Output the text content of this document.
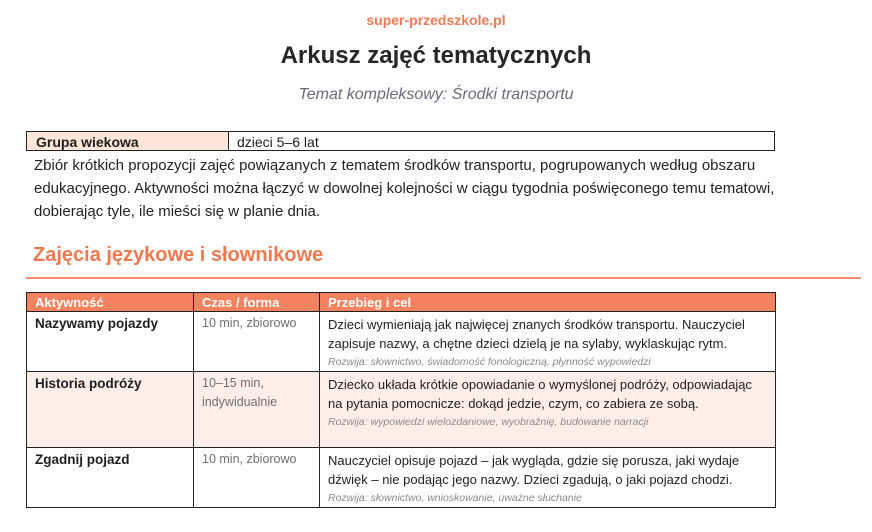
super-przedszkole.pl
Arkusz zajęć tematycznych
Temat kompleksowy: Środki transportu
Grupa wiekowa	dzieci 5–6 lat
Zbiór krótkich propozycji zajęć powiązanych z tematem środków transportu, pogrupowanych według obszaru edukacyjnego. Aktywności można łączyć w dowolnej kolejności w ciągu tygodnia poświęconego temu tematowi, dobierając tyle, ile mieści się w planie dnia.
Zajęcia językowe i słownikowe
Aktywność	Czas / forma	Przebieg i cel
Nazywamy pojazdy	10 min, zbiorowo	Dzieci wymieniają jak najwięcej znanych środków transportu. Nauczyciel zapisuje nazwy, a chętne dzieci dzielą je na sylaby, wyklaskując rytm.
Rozwija: słownictwo, świadomość fonologiczną, płynność wypowiedzi

Historia podróży	10–15 min, indywidualnie	Dziecko układa krótkie opowiadanie o wymyślonej podróży, odpowiadając na pytania pomocnicze: dokąd jedzie, czym, co zabiera ze sobą.
Rozwija: wypowiedzi wielozdaniowe, wyobraźnię, budowanie narracji

Zgadnij pojazd	10 min, zbiorowo	Nauczyciel opisuje pojazd – jak wygląda, gdzie się porusza, jaki wydaje dźwięk – nie podając jego nazwy. Dzieci zgadują, o jaki pojazd chodzi.
Rozwija: słownictwo, wnioskowanie, uważne słuchanie
